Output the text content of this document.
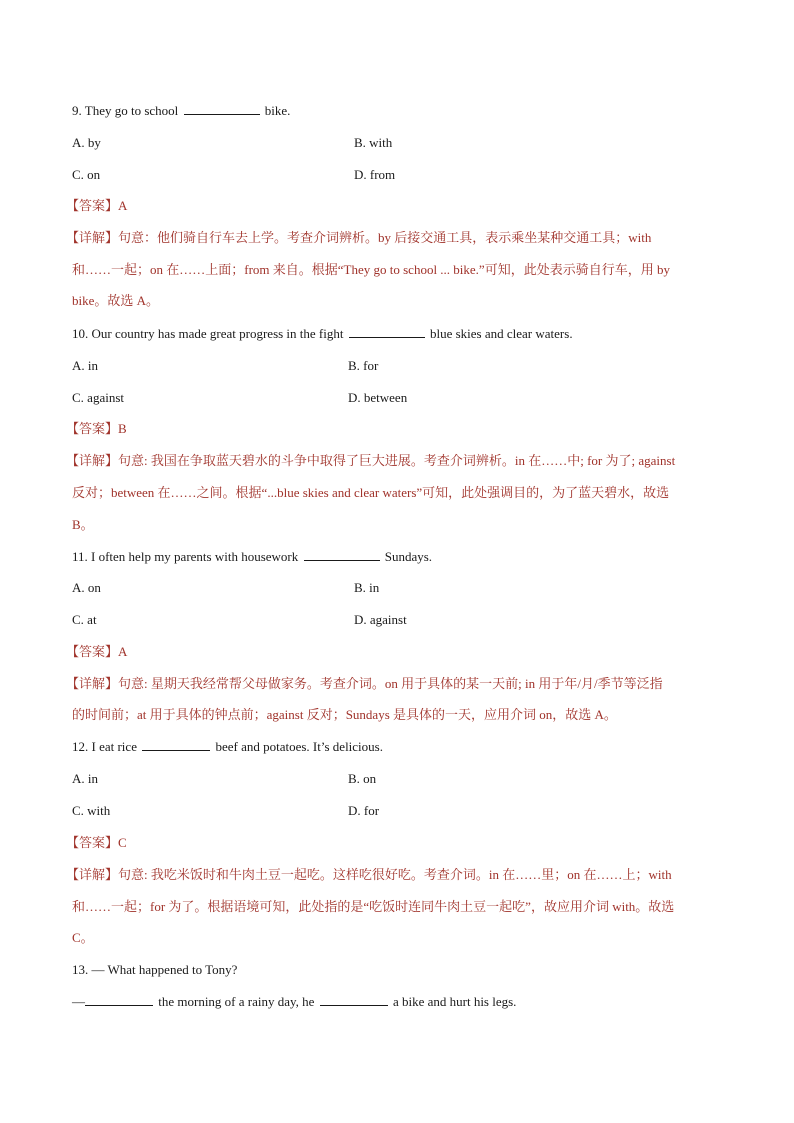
9. They go to school	bike.
A. by	B. with
C. on	D. from
【答案】A
【详解】句意：他们骑自行车去上学。考查介词辨析。by 后接交通工具，表示乘坐某种交通工具；with
和……一起；on 在……上面；from 来自。根据“They go to school ... bike.”可知，此处表示骑自行车，用 by
bike。故选 A。
10. Our country has made great progress in the fight	blue skies and clear waters.
A. in	B. for
C. against	D. between
【答案】B
【详解】句意: 我国在争取蓝天碧水的斗争中取得了巨大进展。考查介词辨析。in 在……中; for 为了; against
反对；between 在……之间。根据“...blue skies and clear waters”可知，此处强调目的，为了蓝天碧水，故选
B。
11. I often help my parents with housework	Sundays.
A. on	B. in
C. at	D. against
【答案】A
【详解】句意: 星期天我经常帮父母做家务。考查介词。on 用于具体的某一天前; in 用于年/月/季节等泛指
的时间前；at 用于具体的钟点前；against 反对；Sundays 是具体的一天，应用介词 on，故选 A。
12. I eat rice	beef and potatoes. It’s delicious.
A. in	B. on
C. with	D. for
【答案】C
【详解】句意: 我吃米饭时和牛肉土豆一起吃。这样吃很好吃。考查介词。in 在……里；on 在……上；with
和……一起；for 为了。根据语境可知，此处指的是“吃饭时连同牛肉土豆一起吃”，故应用介词 with。故选
C。
13. — What happened to Tony?
—	the morning of a rainy day, he	a bike and hurt his legs.
